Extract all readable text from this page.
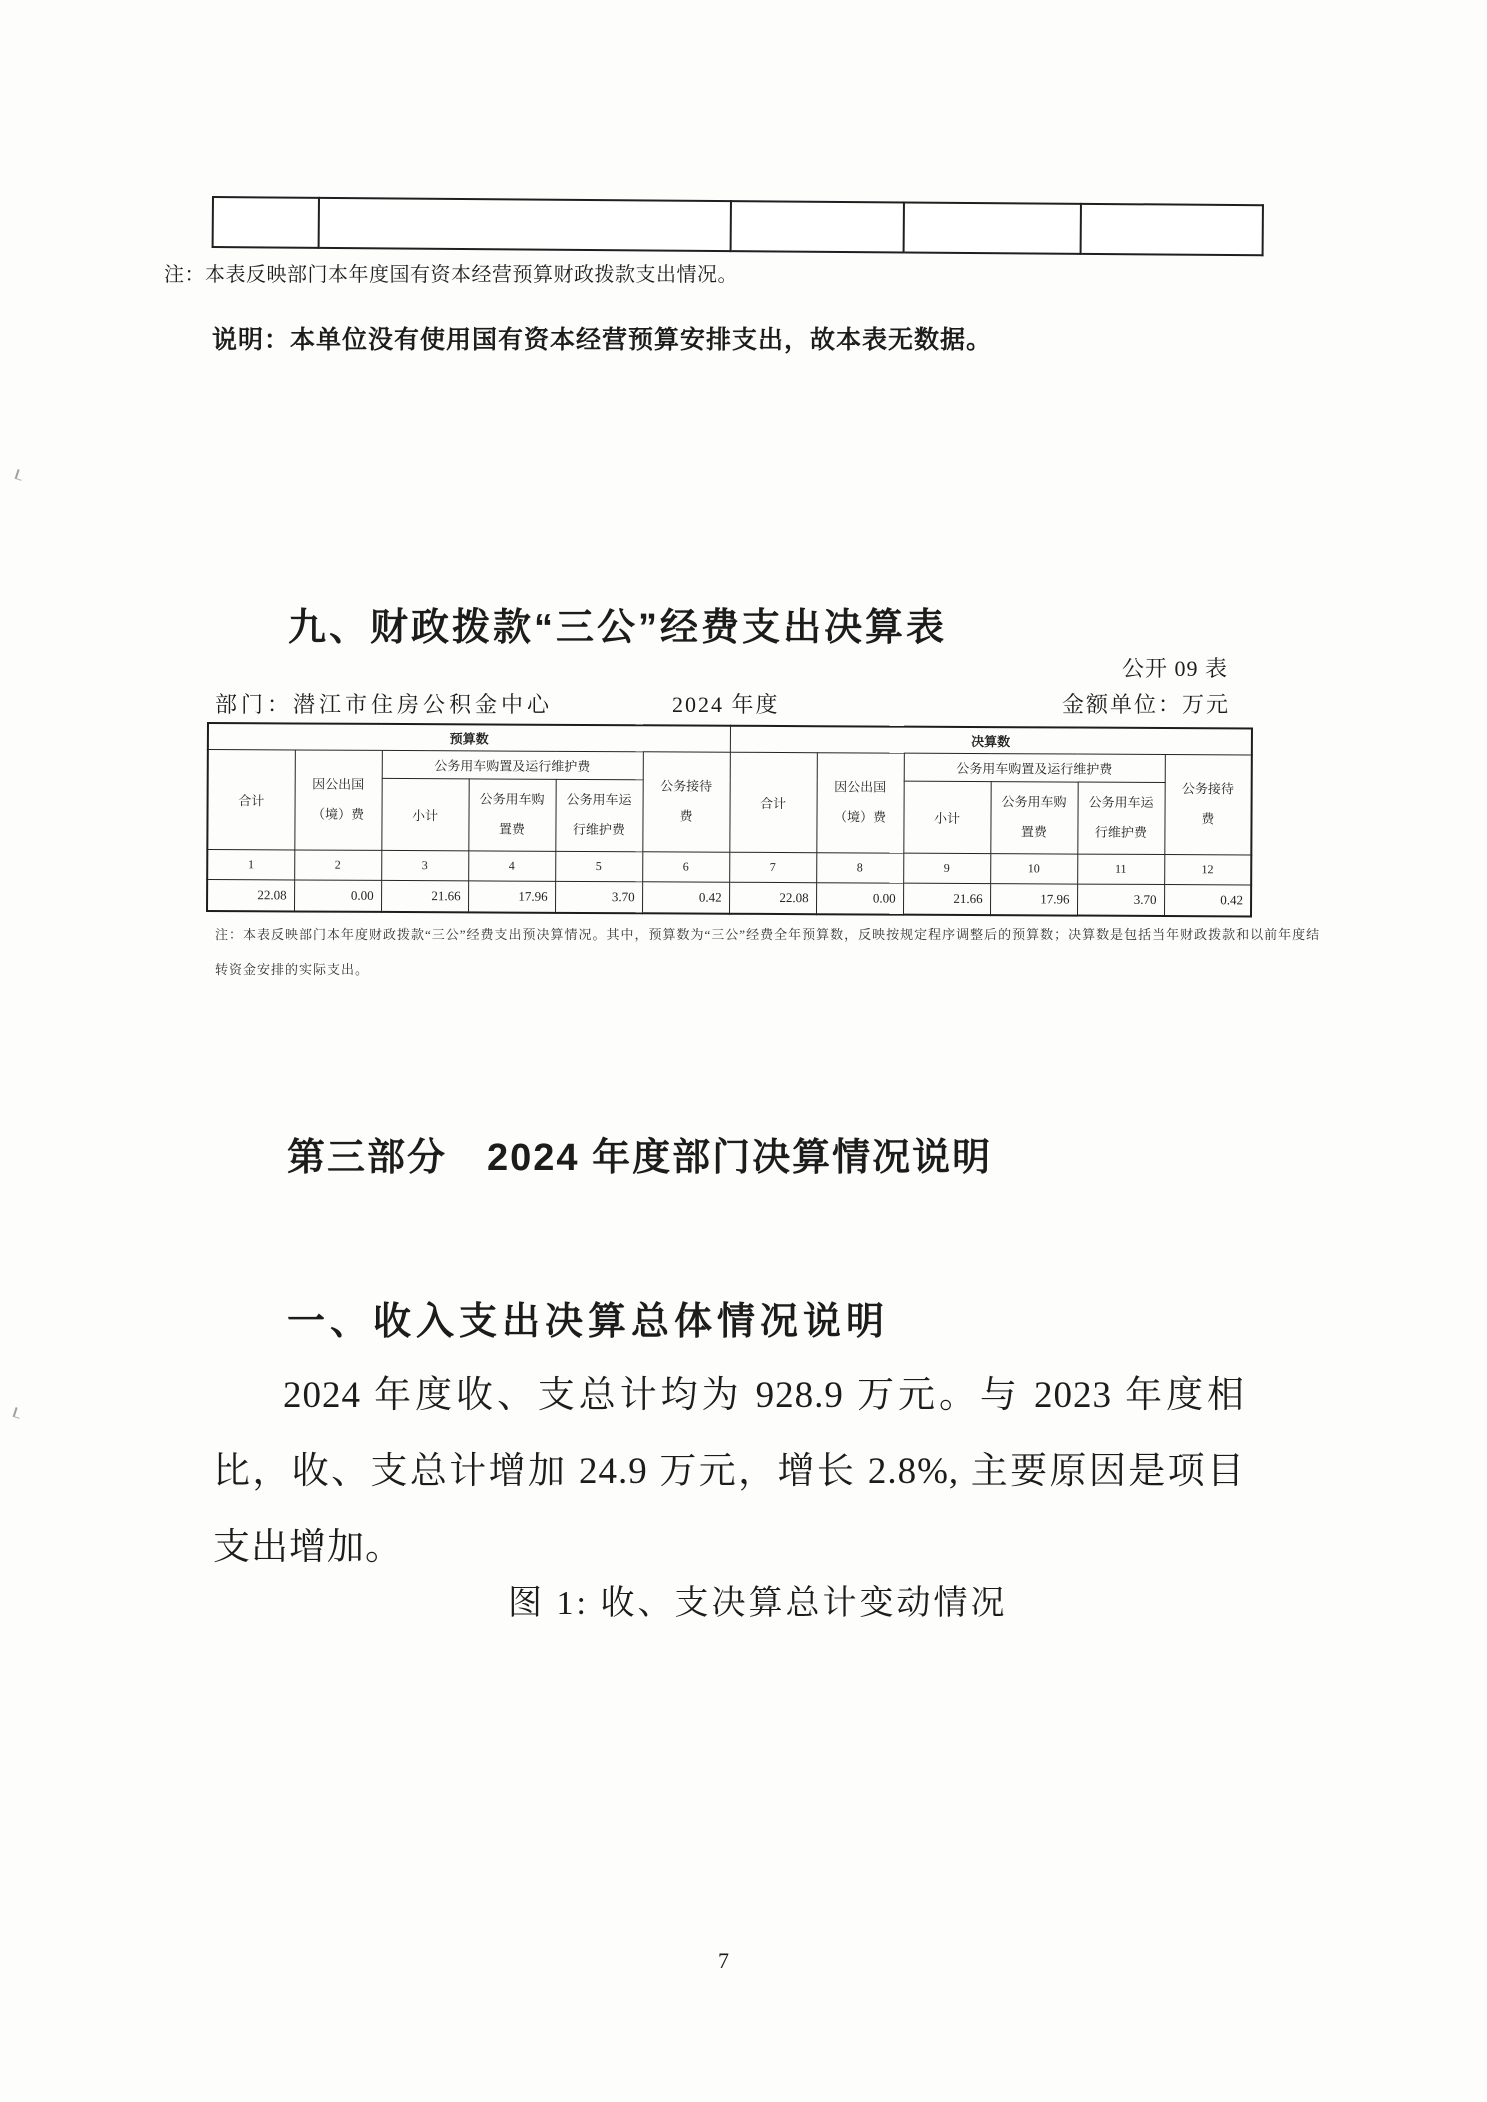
注：本表反映部门本年度国有资本经营预算财政拨款支出情况。
说明：本单位没有使用国有资本经营预算安排支出，故本表无数据。
九、财政拨款“三公”经费支出决算表
公开 09 表
部门：潜江市住房公积金中心	2024 年度	金额单位：万元
预算数						决算数					
合计	因公出国（境）费	公务用车购置及运行维护费			公务接待费	合计	因公出国（境）费	公务用车购置及运行维护费			公务接待费
		小计	公务用车购置费	公务用车运行维护费				小计	公务用车购置费	公务用车运行维护费	
1	2	3	4	5	6	7	8	9	10	11	12
22.08	0.00	21.66	17.96	3.70	0.42	22.08	0.00	21.66	17.96	3.70	0.42
注：本表反映部门本年度财政拨款“三公”经费支出预决算情况。其中，预算数为“三公”经费全年预算数，反映按规定程序调整后的预算数；决算数是包括当年财政拨款和以前年度结
转资金安排的实际支出。
第三部分　2024 年度部门决算情况说明
一、收入支出决算总体情况说明
2024 年度收、支总计均为 928.9 万元。与 2023 年度相
比，收、支总计增加 24.9 万元，增长 2.8%, 主要原因是项目
支出增加。
图 1: 收、支决算总计变动情况
7
